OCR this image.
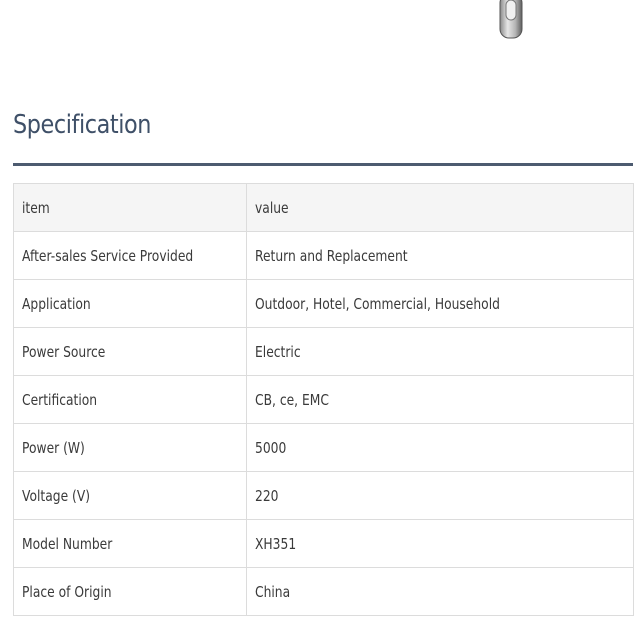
Specification
item	value
After-sales Service Provided	Return and Replacement
Application	Outdoor, Hotel, Commercial, Household
Power Source	Electric
Certification	CB, ce, EMC
Power (W)	5000
Voltage (V)	220
Model Number	XH351
Place of Origin	China
